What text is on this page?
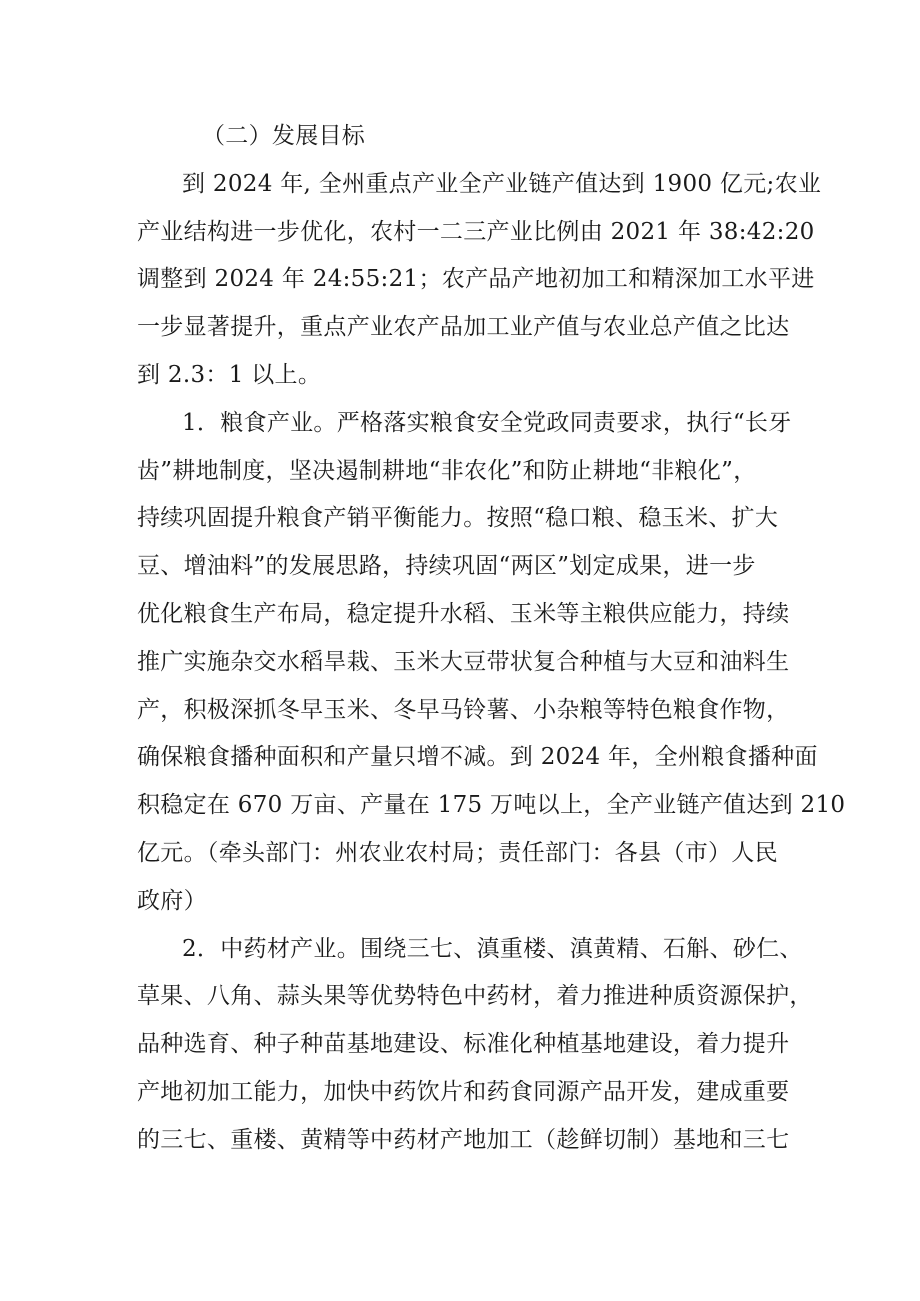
（二）发展目标
到 2024 年, 全州重点产业全产业链产值达到 1900 亿元;农业
产业结构进一步优化，农村一二三产业比例由 2021 年 38:42:20
调整到 2024 年 24:55:21；农产品产地初加工和精深加工水平进
一步显著提升，重点产业农产品加工业产值与农业总产值之比达
到 2.3：1 以上。
1．粮食产业。严格落实粮食安全党政同责要求，执行“长牙
齿”耕地制度，坚决遏制耕地“非农化”和防止耕地“非粮化”，
持续巩固提升粮食产销平衡能力。按照“稳口粮、稳玉米、扩大
豆、增油料”的发展思路，持续巩固“两区”划定成果，进一步
优化粮食生产布局，稳定提升水稻、玉米等主粮供应能力，持续
推广实施杂交水稻旱栽、玉米大豆带状复合种植与大豆和油料生
产，积极深抓冬早玉米、冬早马铃薯、小杂粮等特色粮食作物，
确保粮食播种面积和产量只增不减。到 2024 年，全州粮食播种面
积稳定在 670 万亩、产量在 175 万吨以上，全产业链产值达到 210
亿元。（牵头部门：州农业农村局；责任部门：各县（市）人民
政府）
2．中药材产业。围绕三七、滇重楼、滇黄精、石斛、砂仁、
草果、八角、蒜头果等优势特色中药材，着力推进种质资源保护，
品种选育、种子种苗基地建设、标准化种植基地建设，着力提升
产地初加工能力，加快中药饮片和药食同源产品开发，建成重要
的三七、重楼、黄精等中药材产地加工（趁鲜切制）基地和三七
